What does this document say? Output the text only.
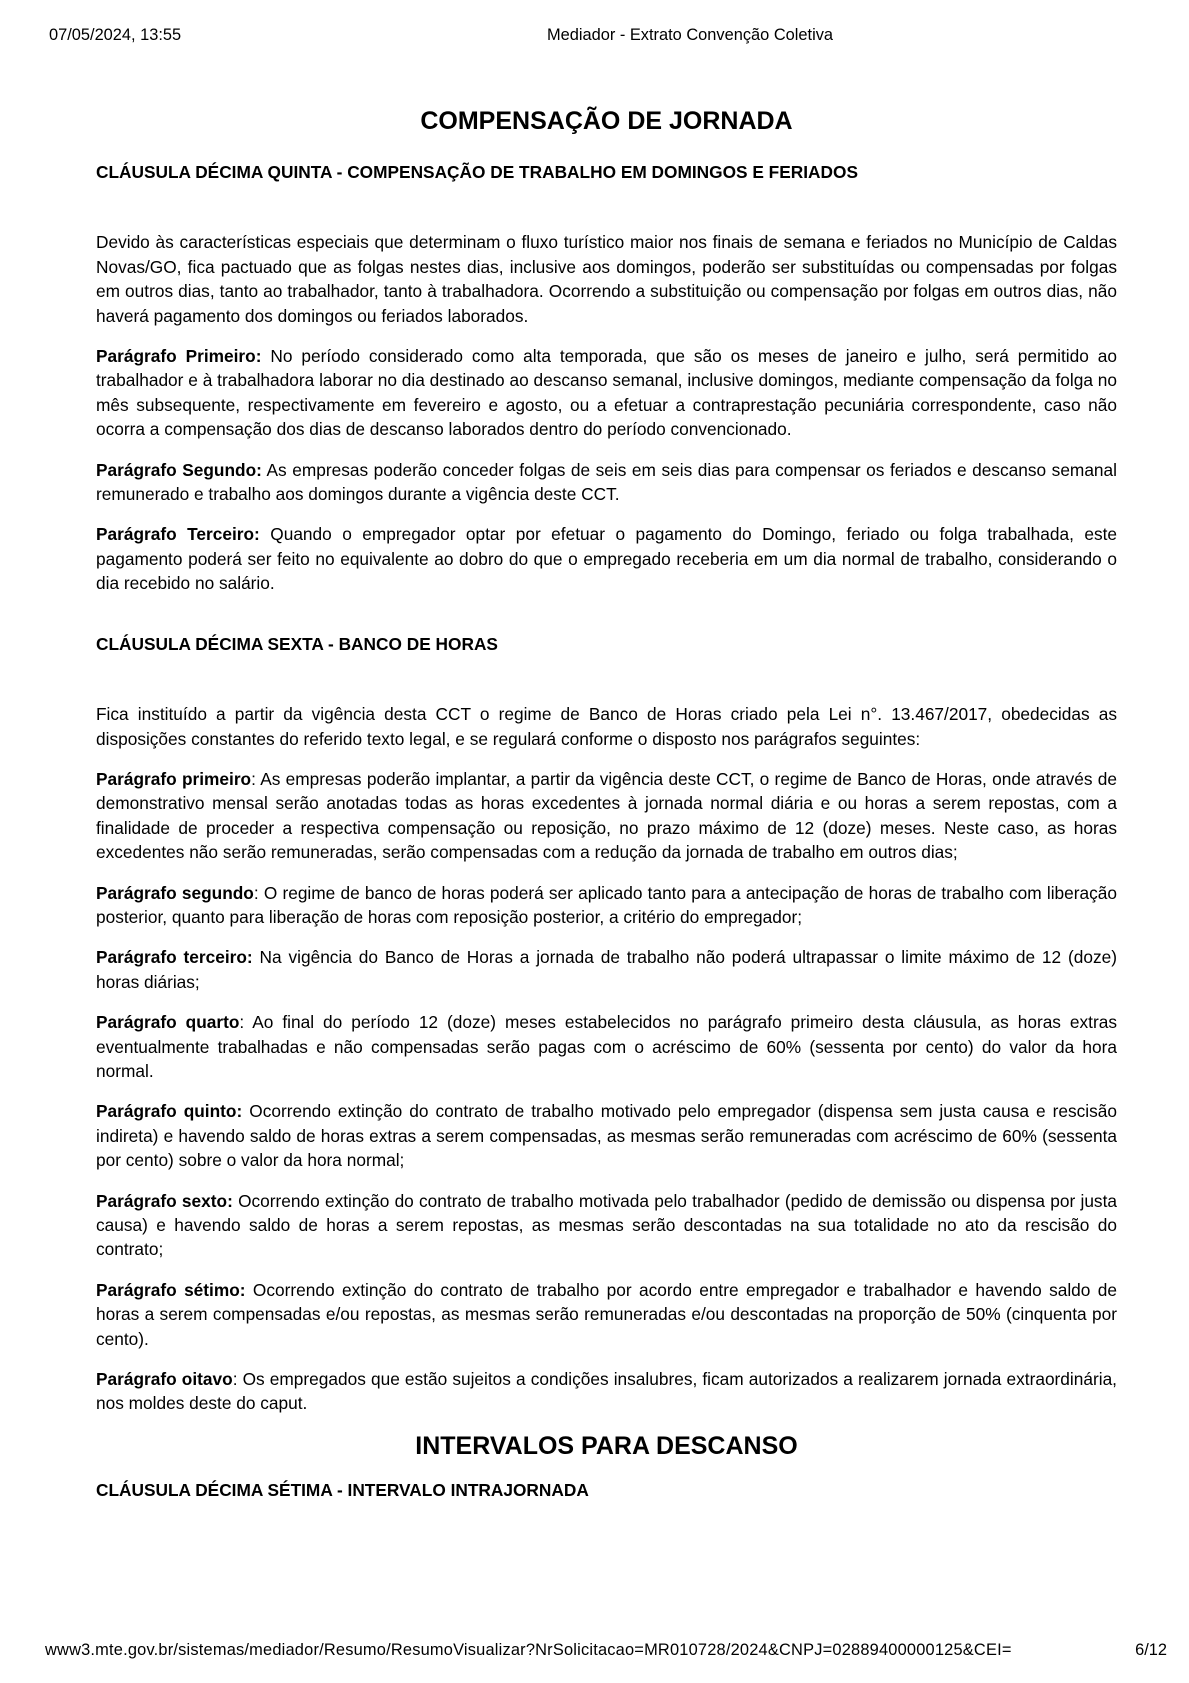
07/05/2024, 13:55	Mediador - Extrato Convenção Coletiva
COMPENSAÇÃO DE JORNADA
CLÁUSULA DÉCIMA QUINTA - COMPENSAÇÃO DE TRABALHO EM DOMINGOS E FERIADOS

Devido às características especiais que determinam o fluxo turístico maior nos finais de semana e feriados no Município de Caldas Novas/GO, fica pactuado que as folgas nestes dias, inclusive aos domingos, poderão ser substituídas ou compensadas por folgas em outros dias, tanto ao trabalhador, tanto à trabalhadora. Ocorrendo a substituição ou compensação por folgas em outros dias, não haverá pagamento dos domingos ou feriados laborados.

Parágrafo Primeiro: No período considerado como alta temporada, que são os meses de janeiro e julho, será permitido ao trabalhador e à trabalhadora laborar no dia destinado ao descanso semanal, inclusive domingos, mediante compensação da folga no mês subsequente, respectivamente em fevereiro e agosto, ou a efetuar a contraprestação pecuniária correspondente, caso não ocorra a compensação dos dias de descanso laborados dentro do período convencionado.

Parágrafo Segundo: As empresas poderão conceder folgas de seis em seis dias para compensar os feriados e descanso semanal remunerado e trabalho aos domingos durante a vigência deste CCT.

Parágrafo Terceiro: Quando o empregador optar por efetuar o pagamento do Domingo, feriado ou folga trabalhada, este pagamento poderá ser feito no equivalente ao dobro do que o empregado receberia em um dia normal de trabalho, considerando o dia recebido no salário.

CLÁUSULA DÉCIMA SEXTA - BANCO DE HORAS

Fica instituído a partir da vigência desta CCT o regime de Banco de Horas criado pela Lei n°. 13.467/2017, obedecidas as disposições constantes do referido texto legal, e se regulará conforme o disposto nos parágrafos seguintes:

Parágrafo primeiro: As empresas poderão implantar, a partir da vigência deste CCT, o regime de Banco de Horas, onde através de demonstrativo mensal serão anotadas todas as horas excedentes à jornada normal diária e ou horas a serem repostas, com a finalidade de proceder a respectiva compensação ou reposição, no prazo máximo de 12 (doze) meses. Neste caso, as horas excedentes não serão remuneradas, serão compensadas com a redução da jornada de trabalho em outros dias;

Parágrafo segundo: O regime de banco de horas poderá ser aplicado tanto para a antecipação de horas de trabalho com liberação posterior, quanto para liberação de horas com reposição posterior, a critério do empregador;

Parágrafo terceiro: Na vigência do Banco de Horas a jornada de trabalho não poderá ultrapassar o limite máximo de 12 (doze) horas diárias;

Parágrafo quarto: Ao final do período 12 (doze) meses estabelecidos no parágrafo primeiro desta cláusula, as horas extras eventualmente trabalhadas e não compensadas serão pagas com o acréscimo de 60% (sessenta por cento) do valor da hora normal.

Parágrafo quinto: Ocorrendo extinção do contrato de trabalho motivado pelo empregador (dispensa sem justa causa e rescisão indireta) e havendo saldo de horas extras a serem compensadas, as mesmas serão remuneradas com acréscimo de 60% (sessenta por cento) sobre o valor da hora normal;

Parágrafo sexto: Ocorrendo extinção do contrato de trabalho motivada pelo trabalhador (pedido de demissão ou dispensa por justa causa) e havendo saldo de horas a serem repostas, as mesmas serão descontadas na sua totalidade no ato da rescisão do contrato;

Parágrafo sétimo: Ocorrendo extinção do contrato de trabalho por acordo entre empregador e trabalhador e havendo saldo de horas a serem compensadas e/ou repostas, as mesmas serão remuneradas e/ou descontadas na proporção de 50% (cinquenta por cento).

Parágrafo oitavo: Os empregados que estão sujeitos a condições insalubres, ficam autorizados a realizarem jornada extraordinária, nos moldes deste do caput.

INTERVALOS PARA DESCANSO
CLÁUSULA DÉCIMA SÉTIMA - INTERVALO INTRAJORNADA
www3.mte.gov.br/sistemas/mediador/Resumo/ResumoVisualizar?NrSolicitacao=MR010728/2024&CNPJ=02889400000125&CEI=	6/12
